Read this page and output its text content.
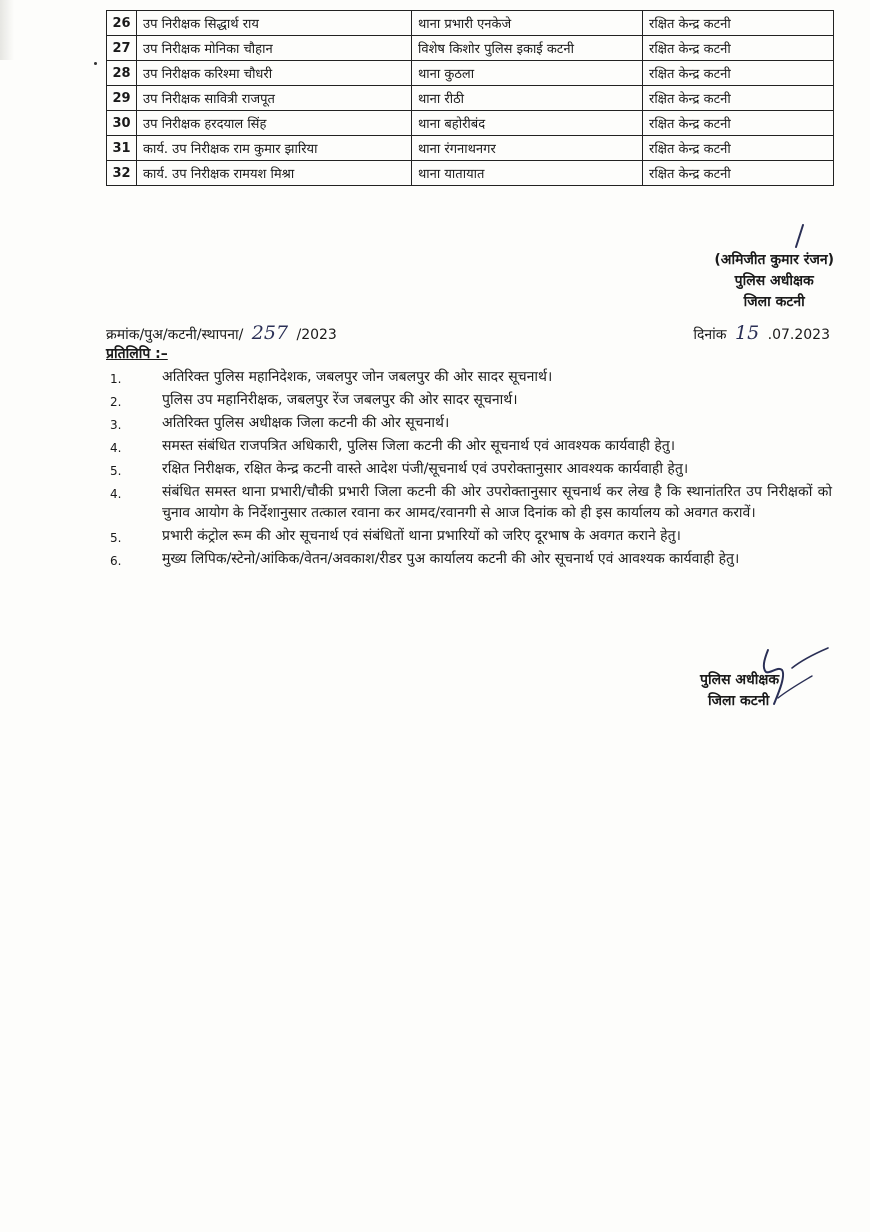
26	उप निरीक्षक सिद्धार्थ राय	थाना प्रभारी एनकेजे	रक्षित केन्द्र कटनी
27	उप निरीक्षक मोनिका चौहान	विशेष किशोर पुलिस इकाई कटनी	रक्षित केन्द्र कटनी
28	उप निरीक्षक करिश्मा चौधरी	थाना कुठला	रक्षित केन्द्र कटनी
29	उप निरीक्षक सावित्री राजपूत	थाना रीठी	रक्षित केन्द्र कटनी
30	उप निरीक्षक हरदयाल सिंह	थाना बहोरीबंद	रक्षित केन्द्र कटनी
31	कार्य. उप निरीक्षक राम कुमार झारिया	थाना रंगनाथनगर	रक्षित केन्द्र कटनी
32	कार्य. उप निरीक्षक रामयश मिश्रा	थाना यातायात	रक्षित केन्द्र कटनी
(अमिजीत कुमार रंजन)
पुलिस अधीक्षक
जिला कटनी
क्रमांक/पुअ/कटनी/स्थापना/ 257 /2023	दिनांक 15 .07.2023
प्रतिलिपि :–
1.	अतिरिक्त पुलिस महानिदेशक, जबलपुर जोन जबलपुर की ओर सादर सूचनार्थ।
2.	पुलिस उप महानिरीक्षक, जबलपुर रेंज जबलपुर की ओर सादर सूचनार्थ।
3.	अतिरिक्त पुलिस अधीक्षक जिला कटनी की ओर सूचनार्थ।
4.	समस्त संबंधित राजपत्रित अधिकारी, पुलिस जिला कटनी की ओर सूचनार्थ एवं आवश्यक कार्यवाही हेतु।
5.	रक्षित निरीक्षक, रक्षित केन्द्र कटनी वास्ते आदेश पंजी/सूचनार्थ एवं उपरोक्तानुसार आवश्यक कार्यवाही हेतु।
4.	संबंधित समस्त थाना प्रभारी/चौकी प्रभारी जिला कटनी की ओर उपरोक्तानुसार सूचनार्थ कर लेख है कि स्थानांतरित उप निरीक्षकों को चुनाव आयोग के निर्देशानुसार तत्काल रवाना कर आमद/रवानगी से आज दिनांक को ही इस कार्यालय को अवगत करावें।
5.	प्रभारी कंट्रोल रूम की ओर सूचनार्थ एवं संबंधितों थाना प्रभारियों को जरिए दूरभाष के अवगत कराने हेतु।
6.	मुख्य लिपिक/स्टेनो/आंकिक/वेतन/अवकाश/रीडर पुअ कार्यालय कटनी की ओर सूचनार्थ एवं आवश्यक कार्यवाही हेतु।
पुलिस अधीक्षक
जिला कटनी
